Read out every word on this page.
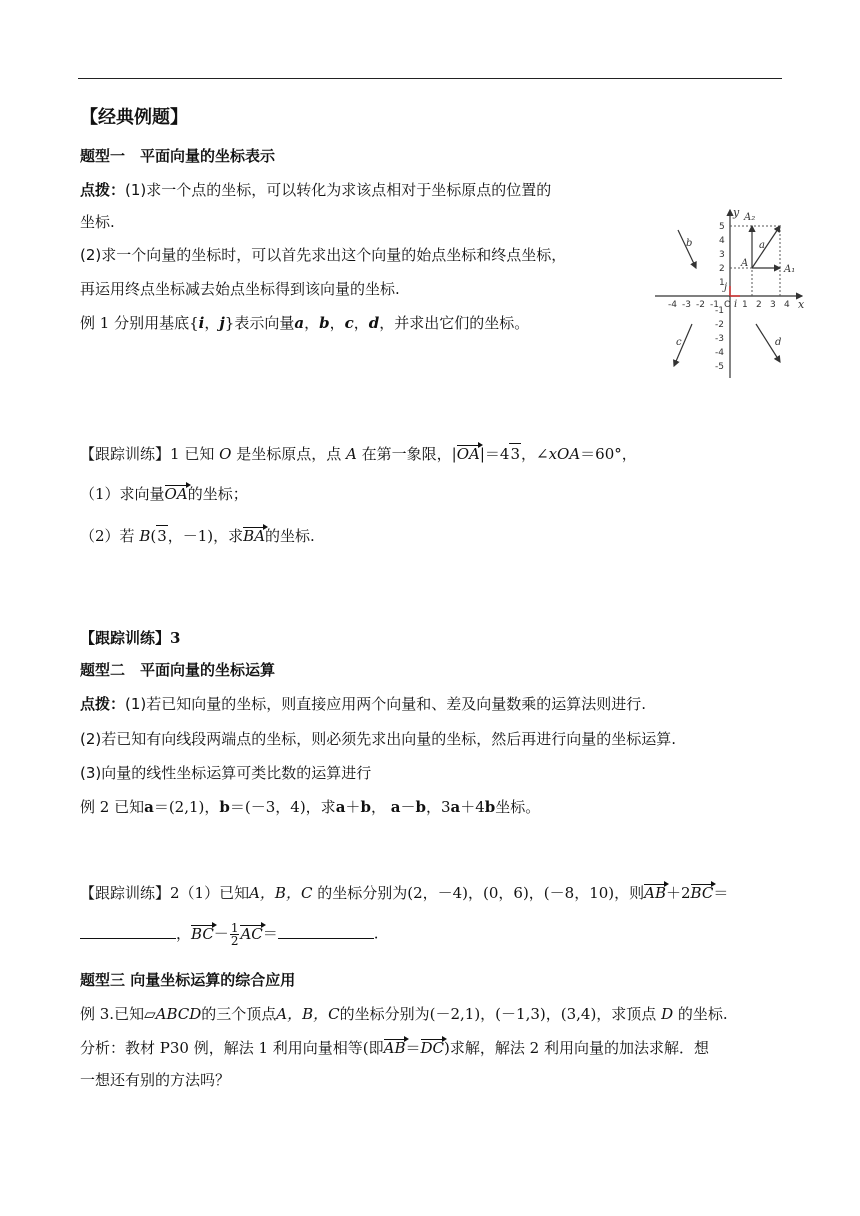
【经典例题】
题型一　平面向量的坐标表示
点拨：(1)求一个点的坐标，可以转化为求该点相对于坐标原点的位置的
坐标.
(2)求一个向量的坐标时，可以首先求出这个向量的始点坐标和终点坐标，
再运用终点坐标减去始点坐标得到该向量的坐标.
例 1 分别用基底{i，j}表示向量a，b，c，d，并求出它们的坐标。
y
x
-4 -3 -2 -1 O 1 2 3 4
5
4
3
2
1
-1
-2
-3
-4
-5
A₂
A
A₁
a
b
c	d
i
j
【跟踪训练】1 已知 O 是坐标原点，点 A 在第一象限，|OA|＝43，∠xOA＝60°，
（1）求向量OA的坐标；
（2）若 B(3，－1)，求BA的坐标.
【跟踪训练】3
题型二　平面向量的坐标运算
点拨：(1)若已知向量的坐标，则直接应用两个向量和、差及向量数乘的运算法则进行.
(2)若已知有向线段两端点的坐标，则必须先求出向量的坐标，然后再进行向量的坐标运算.
(3)向量的线性坐标运算可类比数的运算进行
例 2 已知a＝(2,1)，b＝(－3，4)，求a＋b， a－b，3a＋4b坐标。
【跟踪训练】2（1）已知A，B，C 的坐标分别为(2，－4)，(0，6)，(－8，10)，则AB＋2BC＝
，$BC- \frac{1}{2} AC=$	.
题型三 向量坐标运算的综合应用
例 3.已知▱ABCD的三个顶点A，B，C的坐标分别为(－2,1)，(－1,3)，(3,4)，求顶点 D 的坐标.
分析：教材 P30 例，解法 1 利用向量相等(即AB＝DC)求解，解法 2 利用向量的加法求解．想
一想还有别的方法吗？
